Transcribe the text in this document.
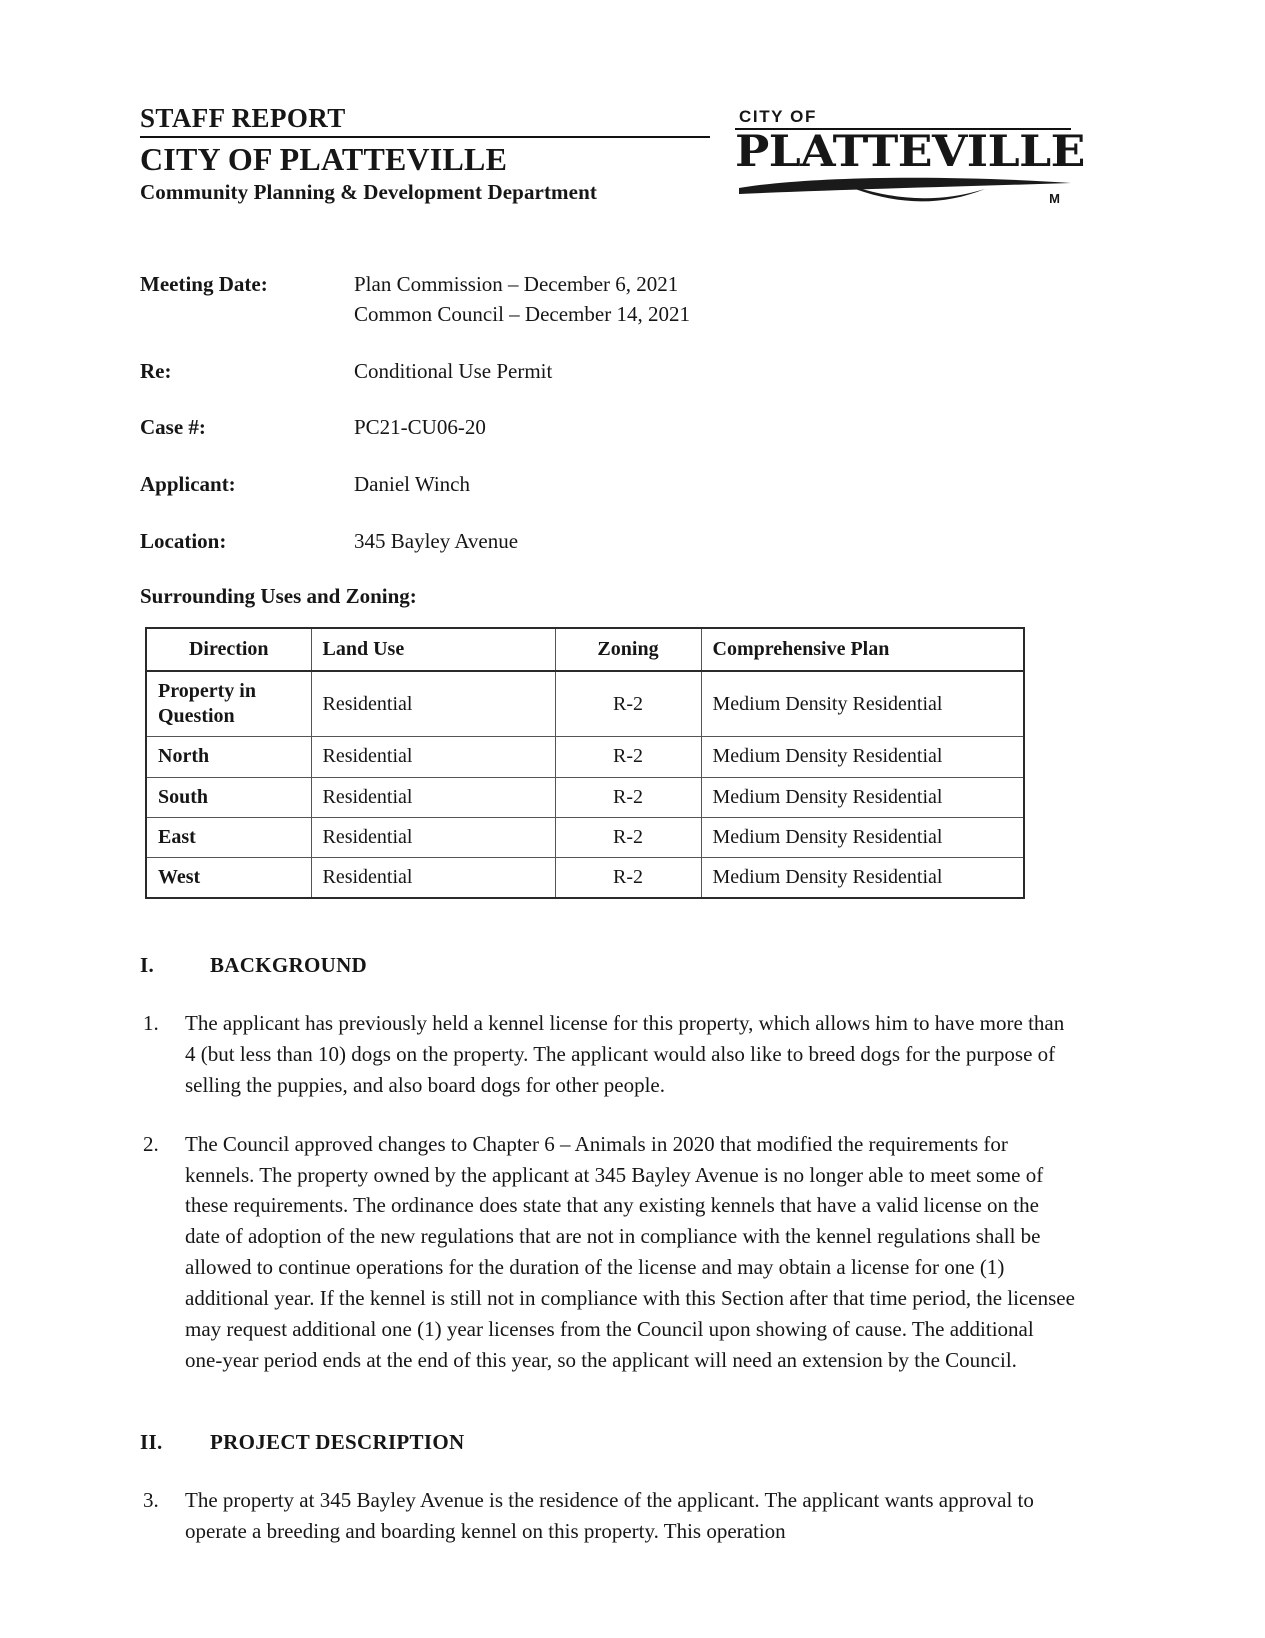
STAFF REPORT
CITY OF PLATTEVILLE
Community Planning & Development Department
CITY OF
PLATTEVILLE
M
Meeting Date:	Plan Commission – December 6, 2021
Common Council – December 14, 2021
Re:	Conditional Use Permit
Case #:	PC21-CU06-20
Applicant:	Daniel Winch
Location:	345 Bayley Avenue
Surrounding Uses and Zoning:
Direction	Land Use	Zoning	Comprehensive Plan
Property in Question	Residential	R-2	Medium Density Residential
North	Residential	R-2	Medium Density Residential
South	Residential	R-2	Medium Density Residential
East	Residential	R-2	Medium Density Residential
West	Residential	R-2	Medium Density Residential
I.	BACKGROUND
1.	The applicant has previously held a kennel license for this property, which allows him to have more than 4 (but less than 10) dogs on the property. The applicant would also like to breed dogs for the purpose of selling the puppies, and also board dogs for other people.
2.	The Council approved changes to Chapter 6 – Animals in 2020 that modified the requirements for kennels. The property owned by the applicant at 345 Bayley Avenue is no longer able to meet some of these requirements. The ordinance does state that any existing kennels that have a valid license on the date of adoption of the new regulations that are not in compliance with the kennel regulations shall be allowed to continue operations for the duration of the license and may obtain a license for one (1) additional year. If the kennel is still not in compliance with this Section after that time period, the licensee may request additional one (1) year licenses from the Council upon showing of cause. The additional one-year period ends at the end of this year, so the applicant will need an extension by the Council.
II.	PROJECT DESCRIPTION
3.	The property at 345 Bayley Avenue is the residence of the applicant. The applicant wants approval to operate a breeding and boarding kennel on this property. This operation
